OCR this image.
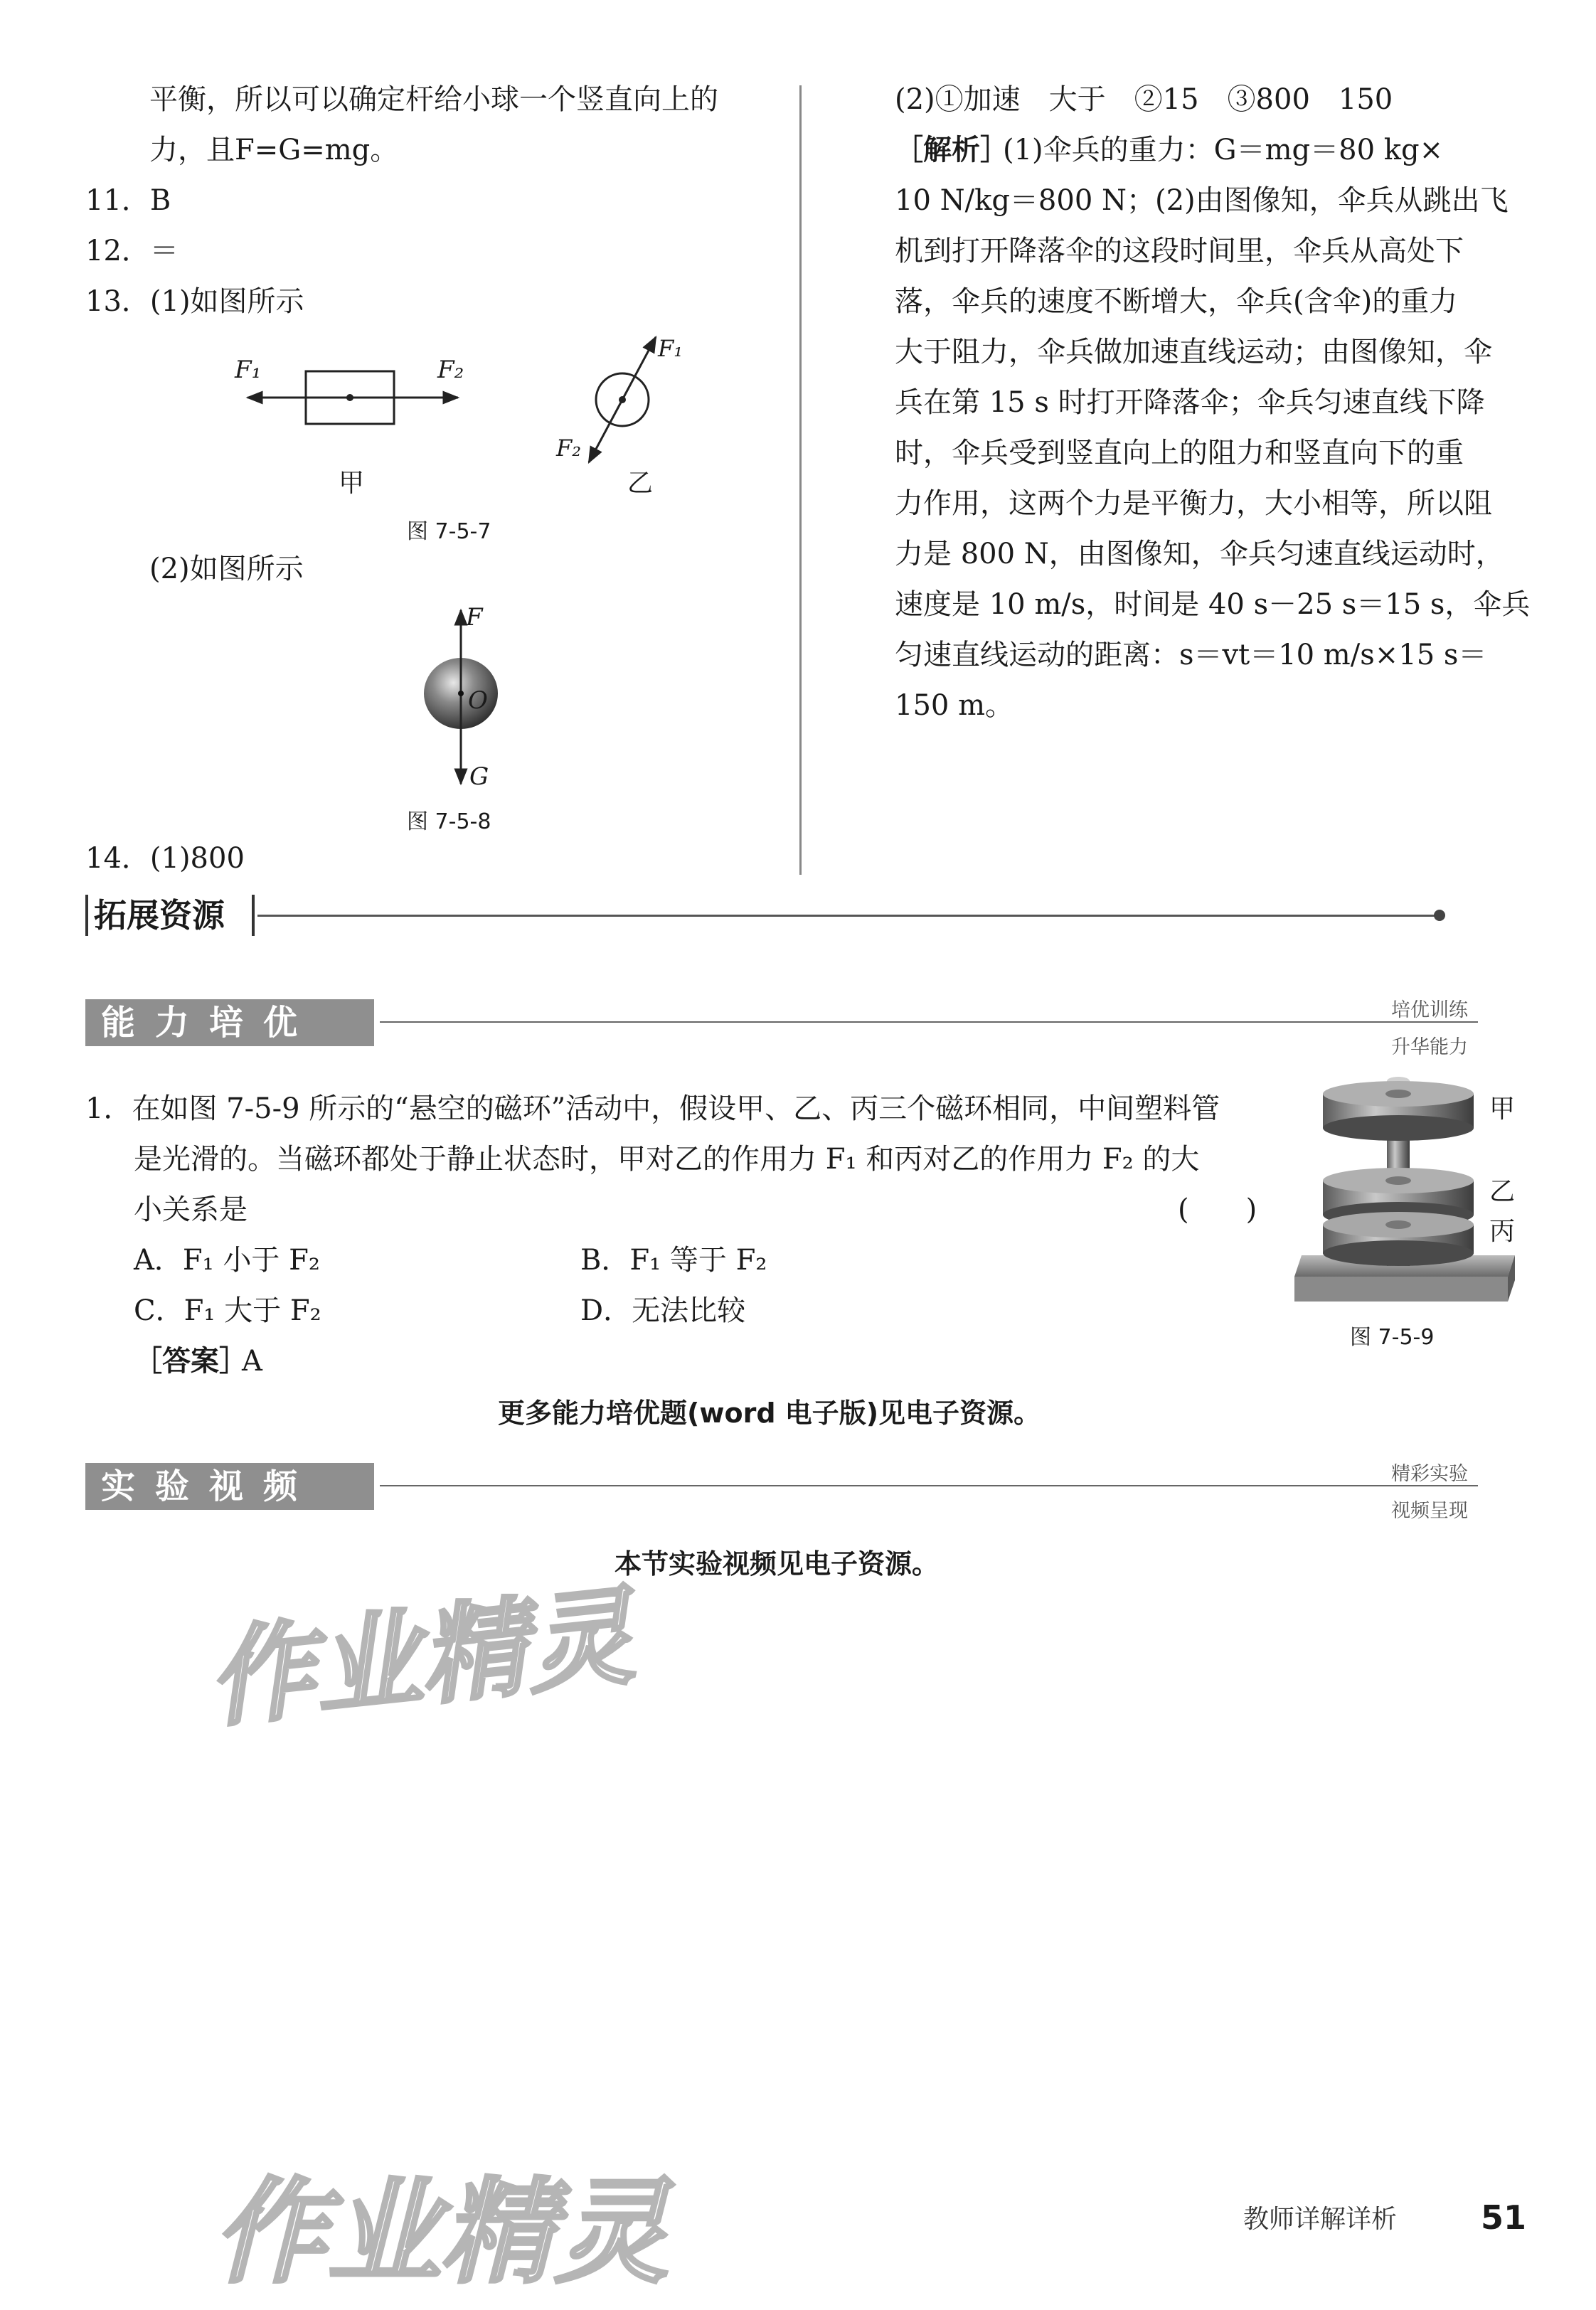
平衡，所以可以确定杆给小球一个竖直向上的
力，且F=G=mg。
11．B
12．＝
13．(1)如图所示
F₁	F₂
甲
F₁
F₂
乙
图 7-5-7
(2)如图所示
F
O
G
图 7-5-8
14．(1)800
(2)①加速　大于　②15　③800　150
［解析］
(1)伞兵的重力：G＝mg＝80 kg×
10 N/kg＝800 N；(2)由图像知，伞兵从跳出飞
机到打开降落伞的这段时间里，伞兵从高处下
落，伞兵的速度不断增大，伞兵(含伞)的重力
大于阻力，伞兵做加速直线运动；由图像知，伞
兵在第 15 s 时打开降落伞；伞兵匀速直线下降
时，伞兵受到竖直向上的阻力和竖直向下的重
力作用，这两个力是平衡力，大小相等，所以阻
力是 800 N，由图像知，伞兵匀速直线运动时，
速度是 10 m/s，时间是 40 s－25 s＝15 s，伞兵
匀速直线运动的距离：s＝vt＝10 m/s×15 s＝
150 m。
拓展资源
能力培优	培优训练
升华能力
1．在如图 7-5-9 所示的“悬空的磁环”活动中，假设甲、乙、丙三个磁环相同，中间塑料管
是光滑的。当磁环都处于静止状态时，甲对乙的作用力 F₁ 和丙对乙的作用力 F₂ 的大
小关系是	(　　)
A．F₁ 小于 F₂	B．F₁ 等于 F₂
C．F₁ 大于 F₂	D．无法比较
［答案］
A
甲
乙
丙
图 7-5-9
更多能力培优题(word 电子版)见电子资源。
实验视频	精彩实验
视频呈现
本节实验视频见电子资源。
作业精灵
作业精灵	教师详解详析	51
